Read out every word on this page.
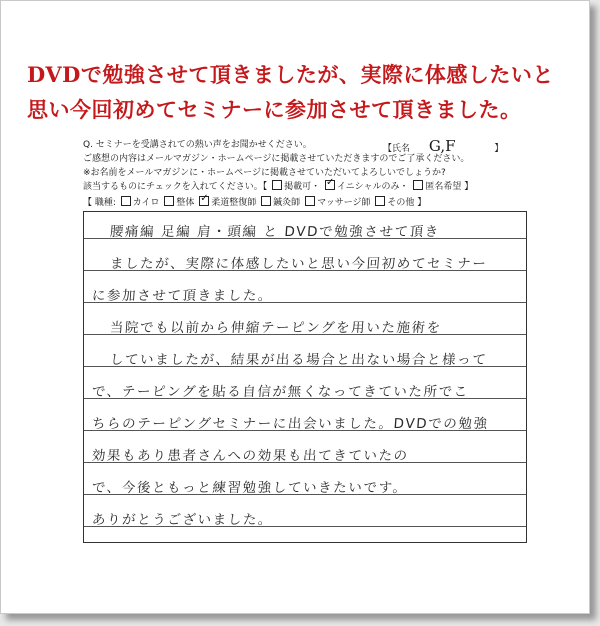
DVDで勉強させて頂きましたが、実際に体感したいと
思い今回初めてセミナーに参加させて頂きました。
Q. セミナーを受講されての熱い声をお聞かせください。	【氏名 G,F	】
ご感想の内容はメールマガジン・ホームページに掲載させていただきますのでご了承ください。
※お名前をメールマガジンに・ホームページに掲載させていただいてよろしいでしょうか?
該当するものにチェックを入れてください。【 掲載可・ ✓ イニシャルのみ・ 匿名希望 】
【 職種: カイロ 整体 ✓ 柔道整復師 鍼灸師 マッサージ師 その他 】
腰痛編 足編 肩・頭編 と DVDで勉強させて頂き
ましたが、実際に体感したいと思い今回初めてセミナー
に参加させて頂きました。
当院でも以前から伸縮テーピングを用いた施術を
していましたが、結果が出る場合と出ない場合と様って
で、テーピングを貼る自信が無くなってきていた所でこ
ちらのテーピングセミナーに出会いました。DVDでの勉強
効果もあり患者さんへの効果も出てきていたの
で、今後ともっと練習勉強していきたいです。
ありがとうございました。
